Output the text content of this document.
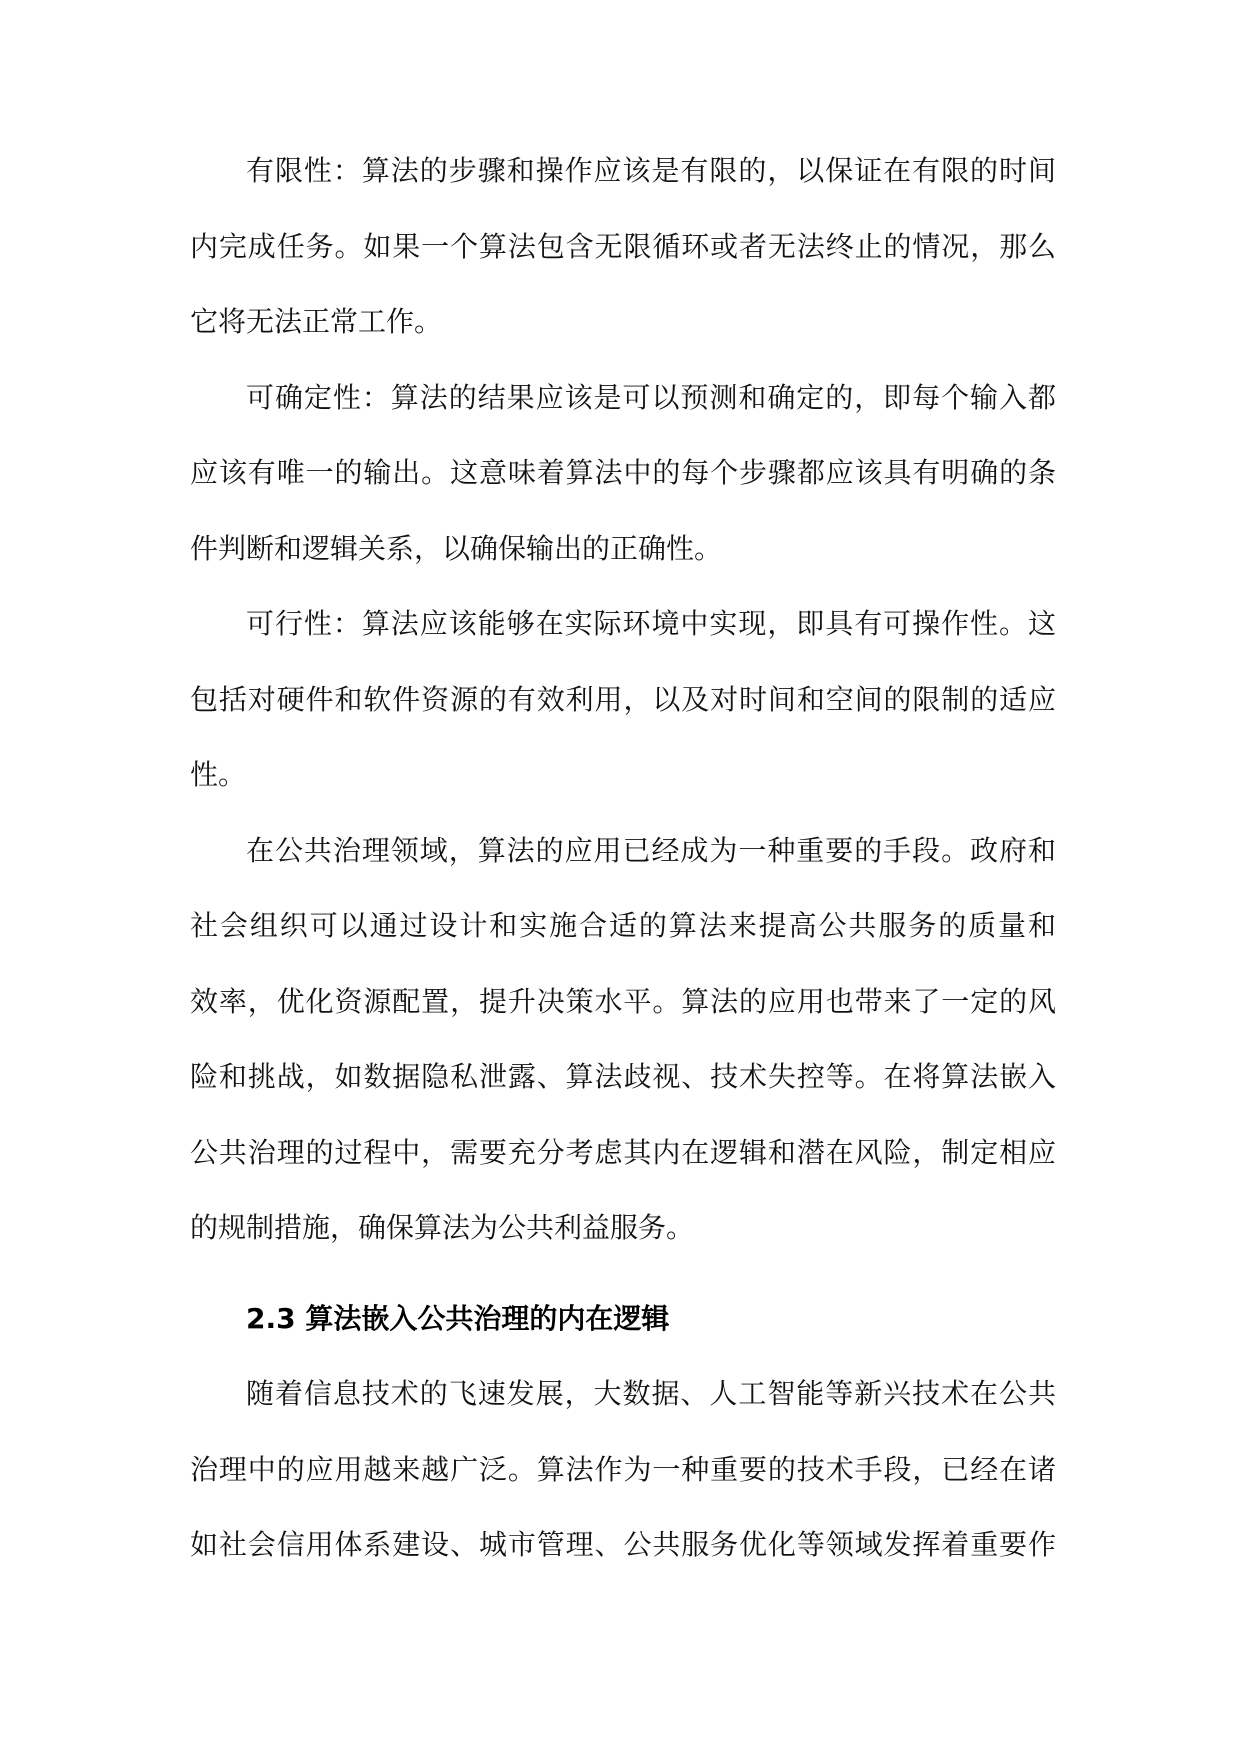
有限性：算法的步骤和操作应该是有限的，以保证在有限的时间
内完成任务。如果一个算法包含无限循环或者无法终止的情况，那么
它将无法正常工作。
可确定性：算法的结果应该是可以预测和确定的，即每个输入都
应该有唯一的输出。这意味着算法中的每个步骤都应该具有明确的条
件判断和逻辑关系，以确保输出的正确性。
可行性：算法应该能够在实际环境中实现，即具有可操作性。这
包括对硬件和软件资源的有效利用，以及对时间和空间的限制的适应
性。
在公共治理领域，算法的应用已经成为一种重要的手段。政府和
社会组织可以通过设计和实施合适的算法来提高公共服务的质量和
效率，优化资源配置，提升决策水平。算法的应用也带来了一定的风
险和挑战，如数据隐私泄露、算法歧视、技术失控等。在将算法嵌入
公共治理的过程中，需要充分考虑其内在逻辑和潜在风险，制定相应
的规制措施，确保算法为公共利益服务。
2.3 算法嵌入公共治理的内在逻辑
随着信息技术的飞速发展，大数据、人工智能等新兴技术在公共
治理中的应用越来越广泛。算法作为一种重要的技术手段，已经在诸
如社会信用体系建设、城市管理、公共服务优化等领域发挥着重要作
